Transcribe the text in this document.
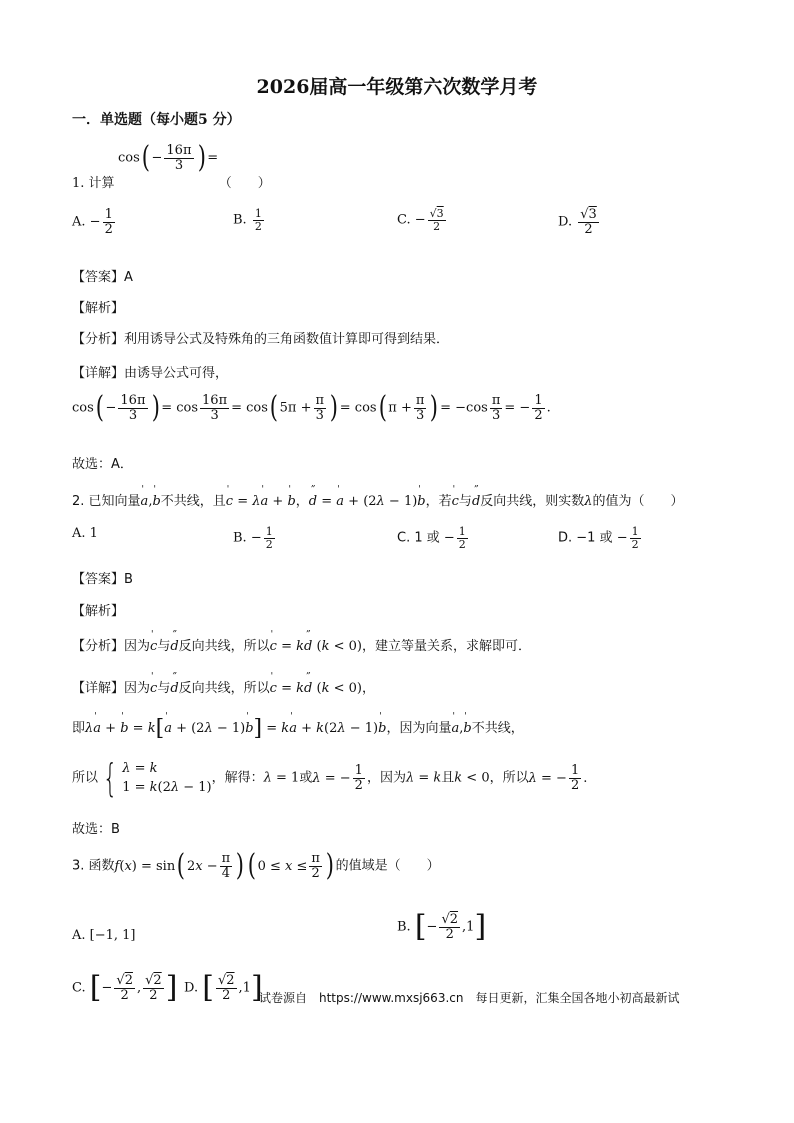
2026届高一年级第六次数学月考
一．单选题（每小题5 分）
$\cos( - \frac{16\pi}{3}$ ) =
1. 计算	（　　）
A. − $\frac{1}{2}$	B. $\frac{1}{2}$	C. − $\frac{√3}{2}$	D. $\frac{√3}{2}$
【答案】A
【解析】
【分析】利用诱导公式及特殊角的三角函数值计算即可得到结果．
【详解】由诱导公式可得，
$\cos( - \frac{16\pi}{3}$ ) = $\cos \frac{16\pi}{3} = \cos$( $5\pi + \frac{\pi}{3}$ ) = cos( $\pi + \frac{\pi}{3}$ ) = $-\cos \frac{\pi}{3}$ = − $\frac{1}{2}$ .
故选：A．
2. 已知向量' a,' b不共线，且' c = λ' a + ' b，” d = ' a + (2λ − 1)' b，若' c与” d反向共线，则实数λ的值为（　　）
A. 1	B. − $\frac{1}{2}$	C. 1 或 − $\frac{1}{2}$	D. −1 或 − $\frac{1}{2}$
【答案】B
【解析】
【分析】因为' c与” d反向共线，所以' c = k” d (k < 0)，建立等量关系，求解即可．
【详解】因为' c与” d反向共线，所以' c = k” d (k < 0)，
即λ' a + ' b = k[' a + (2λ − 1)' b] = k' a + k(2λ − 1)' b，因为向量' a,' b不共线，
所以 { λ = k
1 = k(2λ − 1)
，解得：λ = 1或λ = − $\frac{1}{2}$ ，因为λ = k且k < 0，所以λ = − $\frac{1}{2}$ .
故选：B
3. 函数f(x) = sin( $2x - \frac{\pi}{4}$ ) ( $0 \le x \le \frac{\pi}{2}$ ) 的值域是（　　）
A. [−1, 1]
B. [− $\frac{√2}{2} ,1$]
C. [− $\frac{√2}{2}$ , $\frac{√2}{2}$ ] D. [ $\frac{√2}{2} ,1$]
试卷源自　https://www.mxsj663.cn　每日更新，汇集全国各地小初高最新试
